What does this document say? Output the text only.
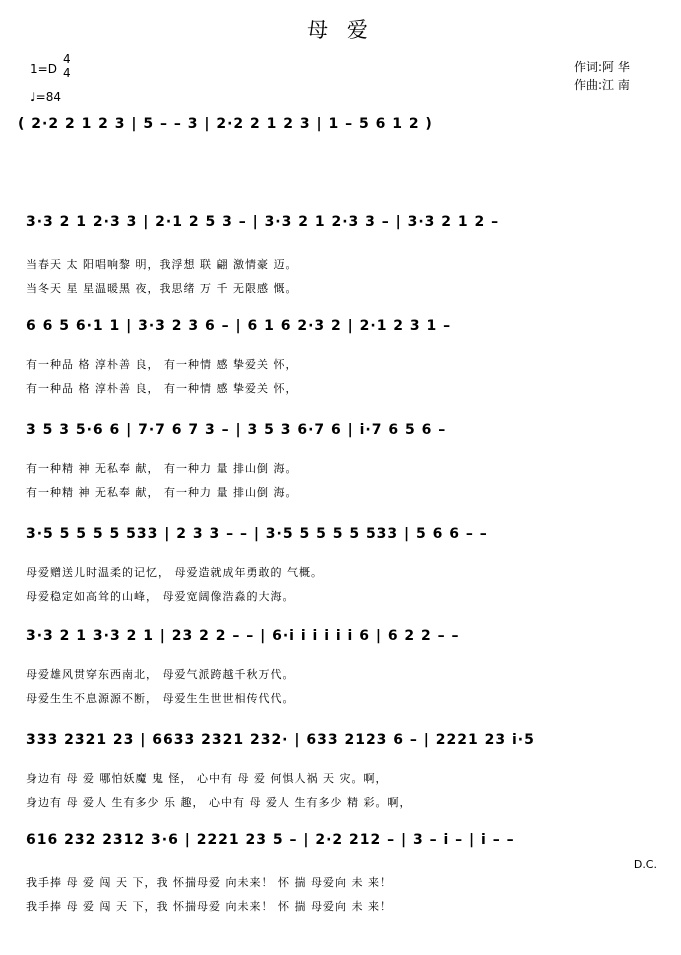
母 爱
1=D
4
4
♩=84
作词:阿 华
作曲:江 南
( 2·2 2 1 2 3 | 5 – – 3 | 2·2 2 1 2 3 | 1 – 5 6 1 2 )
3·3 2 1 2·3 3 | 2·1 2 5 3 – | 3·3 2 1 2·3 3 – | 3·3 2 1 2 –
当春天 太 阳唱响黎 明，我浮想 联 翩 激情豪 迈。
当冬天 星 星温暖黑 夜，我思绪 万 千 无限感 慨。
6 6 5 6·1 1 | 3·3 2 3 6 – | 6 1 6 2·3 2 | 2·1 2 3 1 –
有一种品 格 淳朴善 良， 有一种情 感 挚爱关 怀，
有一种品 格 淳朴善 良， 有一种情 感 挚爱关 怀，
3 5 3 5·6 6 | 7·7 6 7 3 – | 3 5 3 6·7 6 | i·7 6 5 6 –
有一种精 神 无私奉 献， 有一种力 量 排山倒 海。
有一种精 神 无私奉 献， 有一种力 量 排山倒 海。
3·5 5 5 5 5 533 | 2 3 3 – – | 3·5 5 5 5 5 533 | 5 6 6 – –
母爱赠送儿时温柔的记忆， 母爱造就成年勇敢的 气概。
母爱稳定如高耸的山峰， 母爱宽阔像浩淼的大海。
3·3 2 1 3·3 2 1 | 23 2 2 – – | 6·i i i i i i 6 | 6 2 2 – –
母爱雄风贯穿东西南北， 母爱气派跨越千秋万代。
母爱生生不息源源不断， 母爱生生世世相传代代。
333 2321 23 | 6633 2321 232· | 633 2123 6 – | 2221 23 i·5
身边有 母 爱 哪怕妖魔 鬼 怪， 心中有 母 爱 何惧人祸 天 灾。啊，
身边有 母 爱人 生有多少 乐 趣， 心中有 母 爱人 生有多少 精 彩。啊，
616 232 2312 3·6 | 2221 23 5 – | 2·2 212 – | 3 – i – | i – –
D.C.
我手捧 母 爱 闯 天 下，我 怀揣母爱 向未来！ 怀 揣 母爱向 未 来！
我手捧 母 爱 闯 天 下，我 怀揣母爱 向未来！ 怀 揣 母爱向 未 来！
